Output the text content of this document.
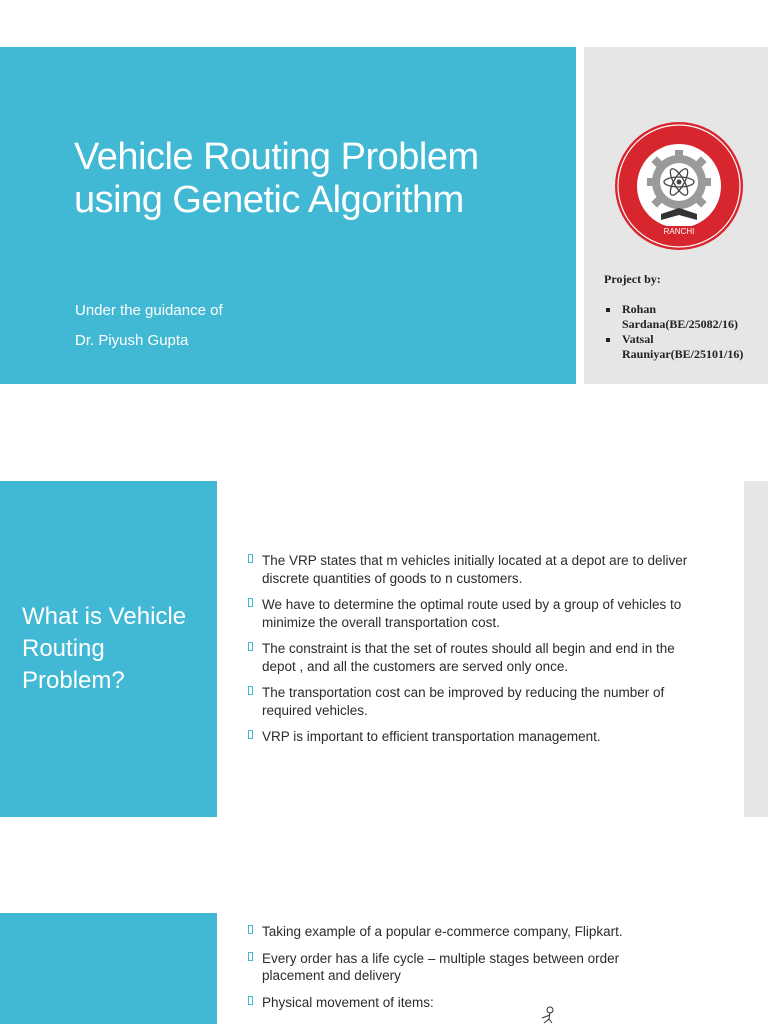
Vehicle Routing Problem using Genetic Algorithm
Under the guidance of
Dr. Piyush Gupta
RANCHI
Project by:
Rohan Sardana(BE/25082/16)
Vatsal Rauniyar(BE/25101/16)
What is Vehicle Routing Problem?
The VRP states that m vehicles initially located at a depot are to deliver discrete quantities of goods to n customers.
We have to determine the optimal route used by a group of vehicles to minimize the overall transportation cost.
The constraint is that the set of routes should all begin and end in the depot , and all the customers are served only once.
The transportation cost can be improved by reducing the number of required vehicles.
VRP is important to efficient transportation management.
Taking example of a popular e-commerce company, Flipkart.
Every order has a life cycle – multiple stages between order placement and delivery
Physical movement of items:
